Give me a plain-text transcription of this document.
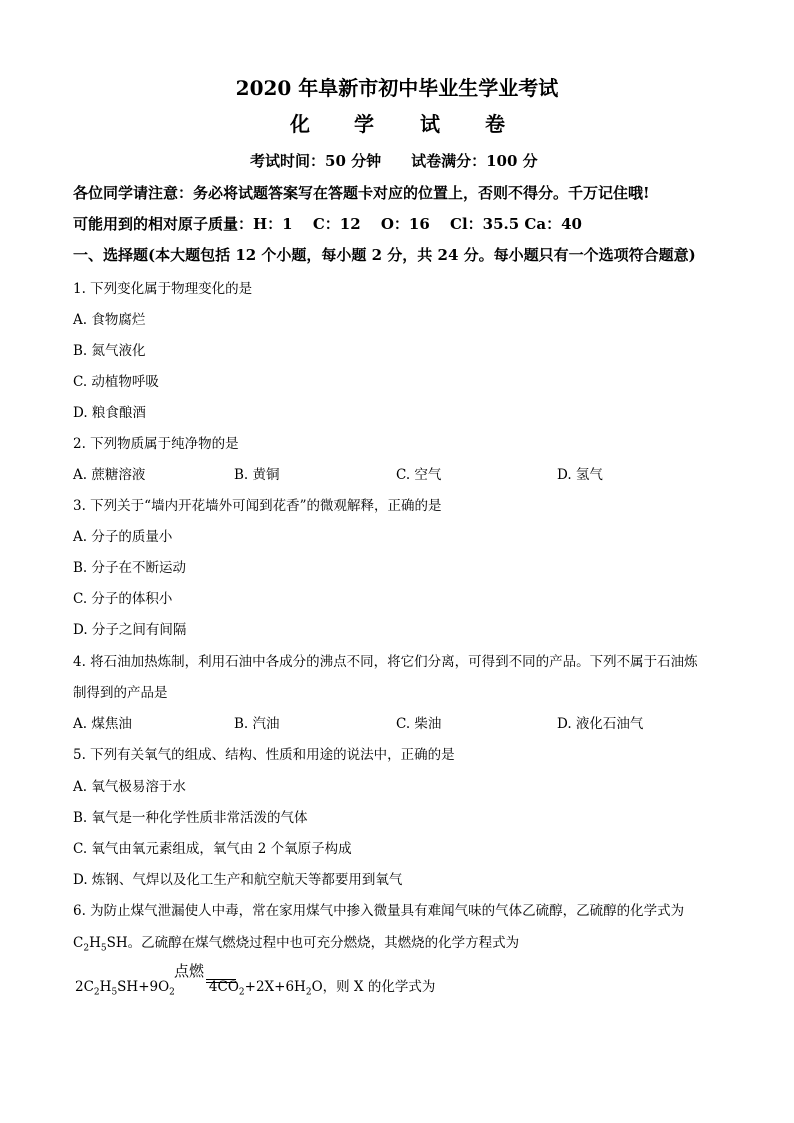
2020 年阜新市初中毕业生学业考试
化 学 试 卷
考试时间：50 分钟　　试卷满分：100 分
各位同学请注意：务必将试题答案写在答题卡对应的位置上，否则不得分。千万记住哦!
可能用到的相对原子质量：H：1　 C：12　 O：16　 Cl：35.5 Ca：40
一、选择题(本大题包括 12 个小题，每小题 2 分，共 24 分。每小题只有一个选项符合题意)
1. 下列变化属于物理变化的是
A. 食物腐烂
B. 氮气液化
C. 动植物呼吸
D. 粮食酿酒
2. 下列物质属于纯净物的是
A. 蔗糖溶液	B. 黄铜	C. 空气	D. 氢气
3. 下列关于“墙内开花墙外可闻到花香”的微观解释，正确的是
A. 分子的质量小
B. 分子在不断运动
C. 分子的体积小
D. 分子之间有间隔
4. 将石油加热炼制，利用石油中各成分的沸点不同，将它们分离，可得到不同的产品。下列不属于石油炼
制得到的产品是
A. 煤焦油	B. 汽油	C. 柴油	D. 液化石油气
5. 下列有关氧气的组成、结构、性质和用途的说法中，正确的是
A. 氧气极易溶于水
B. 氧气是一种化学性质非常活泼的气体
C. 氧气由氧元素组成，氧气由 2 个氧原子构成
D. 炼钢、气焊以及化工生产和航空航天等都要用到氧气
6. 为防止煤气泄漏使人中毒，常在家用煤气中掺入微量具有难闻气味的气体乙硫醇，乙硫醇的化学式为
$C_2H_5SH$。乙硫醇在煤气燃烧过程中也可充分燃烧，其燃烧的化学方程式为
点燃
$2C_2H_5SH+9O_2$	$4CO_2+2X+6H_2O$，则 X 的化学式为
